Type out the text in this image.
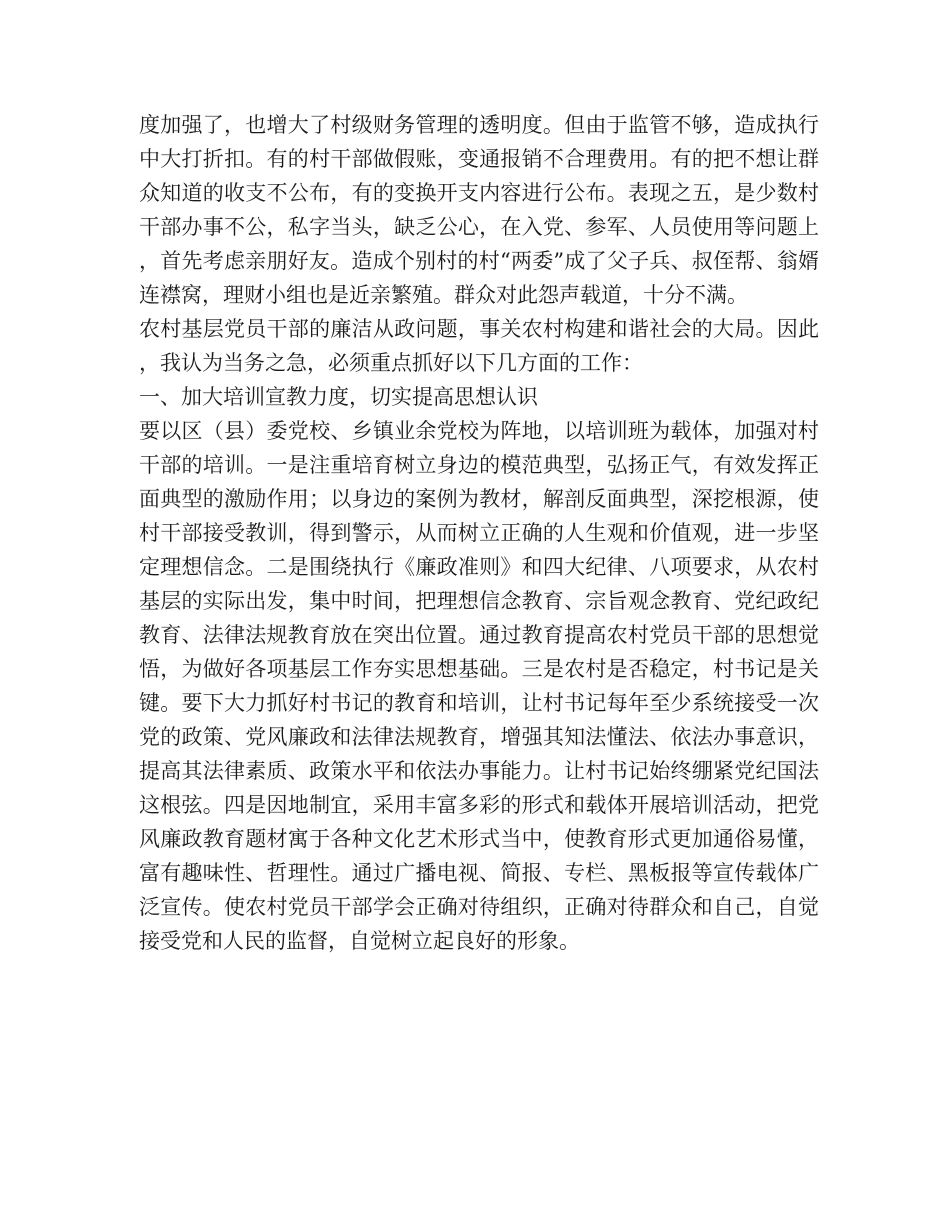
度加强了，也增大了村级财务管理的透明度。但由于监管不够，造成执行中大打折扣。有的村干部做假账，变通报销不合理费用。有的把不想让群众知道的收支不公布，有的变换开支内容进行公布。表现之五，是少数村干部办事不公，私字当头，缺乏公心，在入党、参军、人员使用等问题上，首先考虑亲朋好友。造成个别村的村“两委”成了父子兵、叔侄帮、翁婿连襟窝，理财小组也是近亲繁殖。群众对此怨声载道，十分不满。

农村基层党员干部的廉洁从政问题，事关农村构建和谐社会的大局。因此，我认为当务之急，必须重点抓好以下几方面的工作：

一、加大培训宣教力度，切实提高思想认识

要以区（县）委党校、乡镇业余党校为阵地，以培训班为载体，加强对村干部的培训。一是注重培育树立身边的模范典型，弘扬正气，有效发挥正面典型的激励作用；以身边的案例为教材，解剖反面典型，深挖根源，使村干部接受教训，得到警示，从而树立正确的人生观和价值观，进一步坚定理想信念。二是围绕执行《廉政准则》和四大纪律、八项要求，从农村基层的实际出发，集中时间，把理想信念教育、宗旨观念教育、党纪政纪教育、法律法规教育放在突出位置。通过教育提高农村党员干部的思想觉悟，为做好各项基层工作夯实思想基础。三是农村是否稳定，村书记是关键。要下大力抓好村书记的教育和培训，让村书记每年至少系统接受一次党的政策、党风廉政和法律法规教育，增强其知法懂法、依法办事意识，提高其法律素质、政策水平和依法办事能力。让村书记始终绷紧党纪国法这根弦。四是因地制宜，采用丰富多彩的形式和载体开展培训活动，把党风廉政教育题材寓于各种文化艺术形式当中，使教育形式更加通俗易懂，富有趣味性、哲理性。通过广播电视、简报、专栏、黑板报等宣传载体广泛宣传。使农村党员干部学会正确对待组织，正确对待群众和自己，自觉接受党和人民的监督，自觉树立起良好的形象。
